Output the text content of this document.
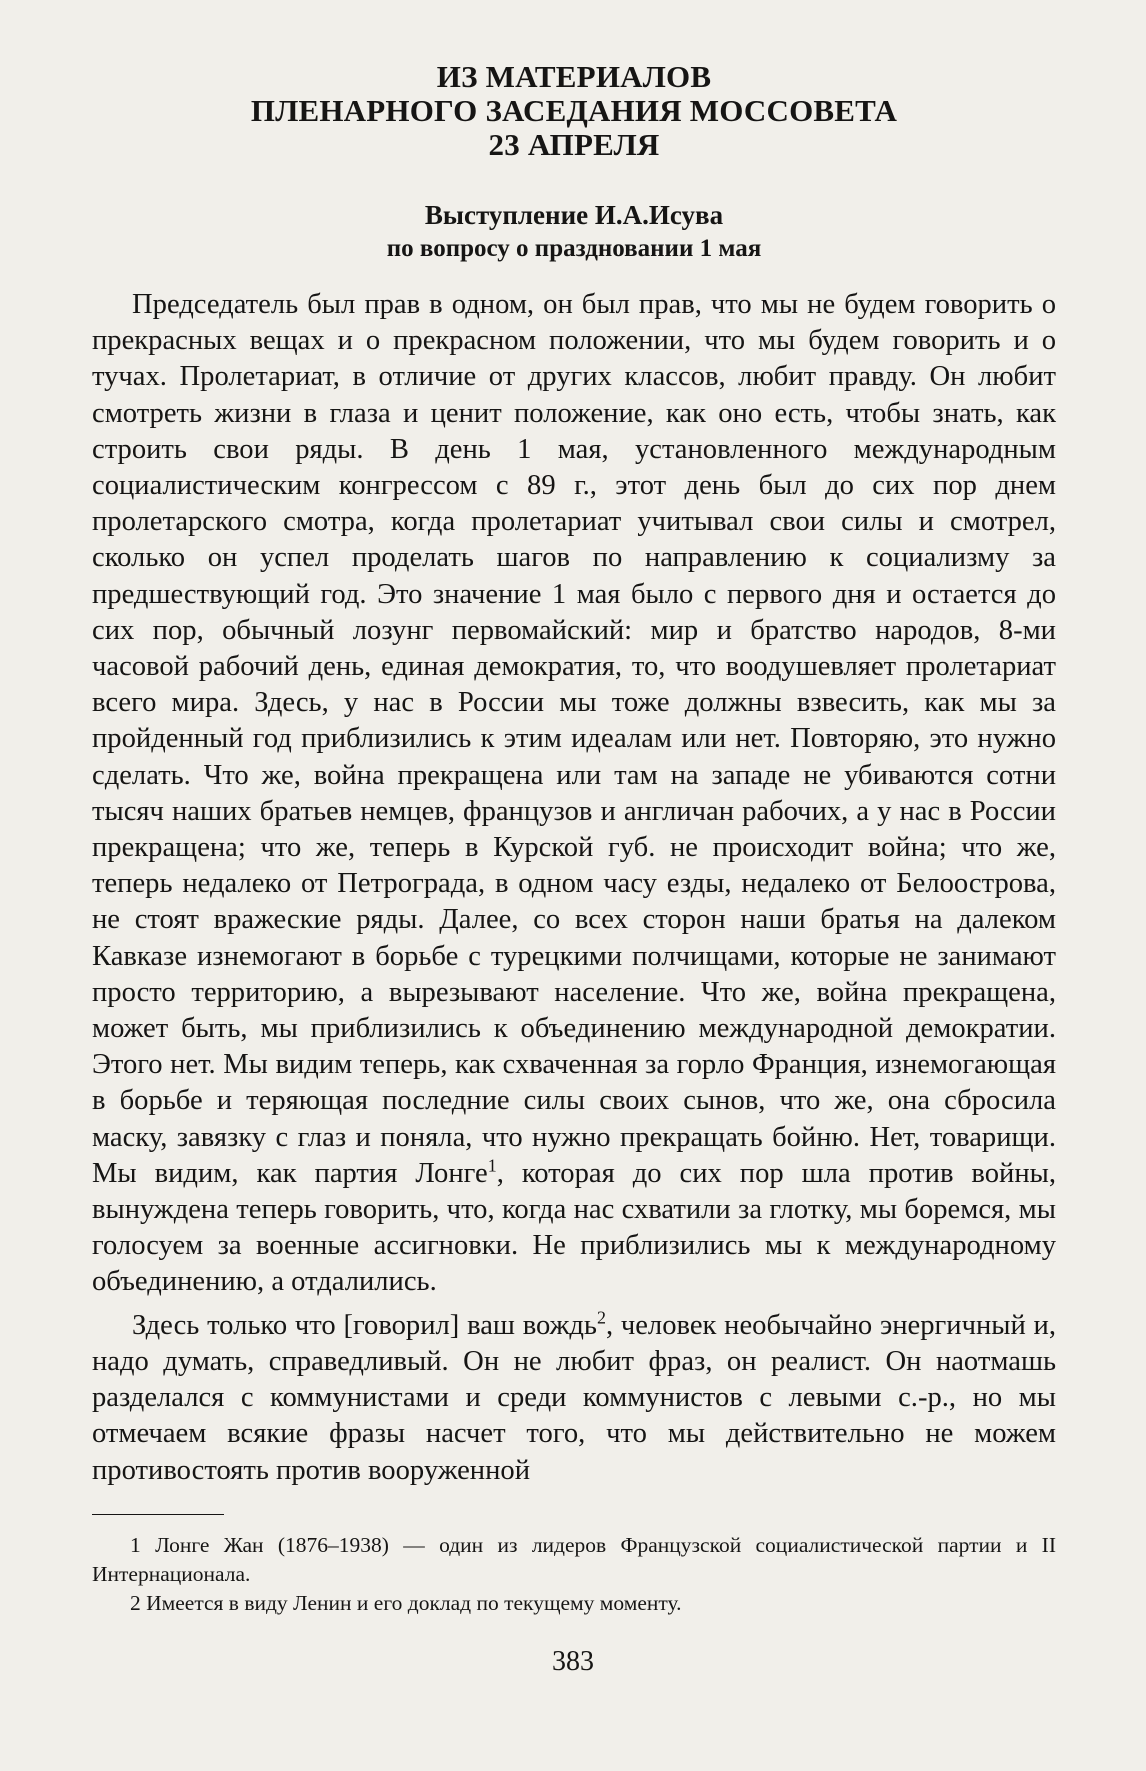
ИЗ МАТЕРИАЛОВ
ПЛЕНАРНОГО ЗАСЕДАНИЯ МОССОВЕТА
23 АПРЕЛЯ
Выступление И.А.Исува
по вопросу о праздновании 1 мая

Председатель был прав в одном, он был прав, что мы не будем говорить о прекрасных вещах и о прекрасном положении, что мы будем говорить и о тучах. Пролетариат, в отличие от других классов, любит правду. Он любит смотреть жизни в глаза и ценит положение, как оно есть, чтобы знать, как строить свои ряды. В день 1 мая, установленного международным социалистическим конгрессом с 89 г., этот день был до сих пор днем пролетарского смотра, когда пролетариат учитывал свои силы и смотрел, сколько он успел проделать шагов по направлению к социализму за предшествующий год. Это значение 1 мая было с первого дня и остается до сих пор, обычный лозунг первомайский: мир и братство народов, 8-ми часовой рабочий день, единая демократия, то, что воодушевляет пролетариат всего мира. Здесь, у нас в России мы тоже должны взвесить, как мы за пройденный год приблизились к этим идеалам или нет. Повторяю, это нужно сделать. Что же, война прекращена или там на западе не убиваются сотни тысяч наших братьев немцев, французов и англичан рабочих, а у нас в России прекращена; что же, теперь в Курской губ. не происходит война; что же, теперь недалеко от Петрограда, в одном часу езды, недалеко от Белоострова, не стоят вражеские ряды. Далее, со всех сторон наши братья на далеком Кавказе изнемогают в борьбе с турецкими полчищами, которые не занимают просто территорию, а вырезывают население. Что же, война прекращена, может быть, мы приблизились к объединению международной демократии. Этого нет. Мы видим теперь, как схваченная за горло Франция, изнемогающая в борьбе и теряющая последние силы своих сынов, что же, она сбросила маску, завязку с глаз и поняла, что нужно прекращать бойню. Нет, товарищи. Мы видим, как партия Лонге$^1$, которая до сих пор шла против войны, вынуждена теперь говорить, что, когда нас схватили за глотку, мы боремся, мы голосуем за военные ассигновки. Не приблизились мы к международному объединению, а отдалились.

Здесь только что [говорил] ваш вождь$^2$, человек необычайно энергичный и, надо думать, справедливый. Он не любит фраз, он реалист. Он наотмашь разделался с коммунистами и среди коммунистов с левыми с.-р., но мы отмечаем всякие фразы насчет того, что мы действительно не можем противостоять против вооруженной

1 Лонге Жан (1876–1938) — один из лидеров Французской социалистической партии и II Интернационала.

2 Имеется в виду Ленин и его доклад по текущему моменту.

383
